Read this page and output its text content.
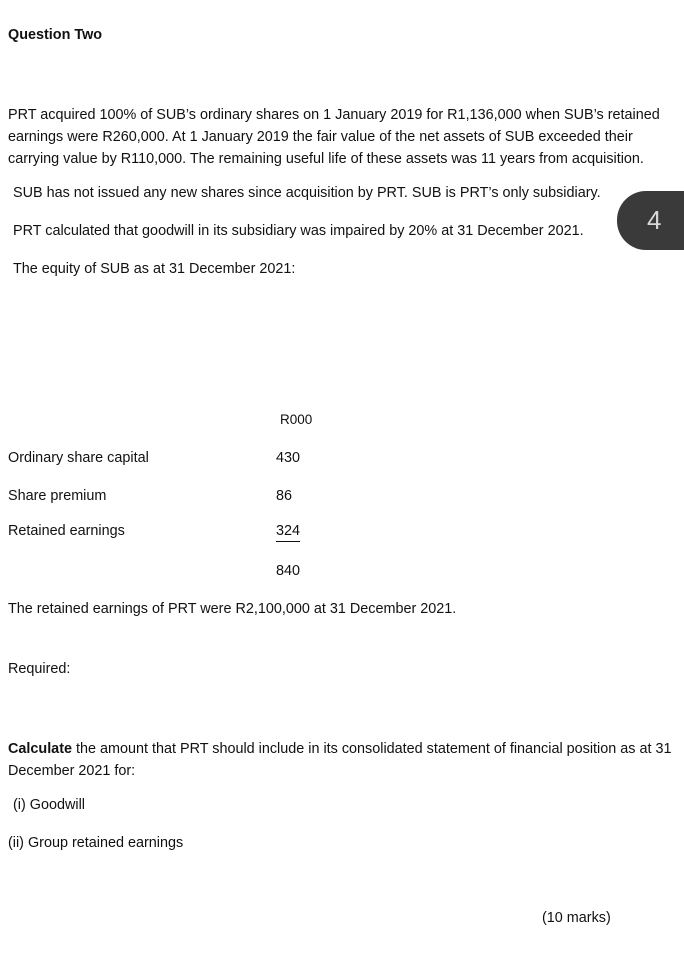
Question Two
PRT acquired 100% of SUB’s ordinary shares on 1 January 2019 for R1,136,000 when SUB’s retained earnings were R260,000. At 1 January 2019 the fair value of the net assets of SUB exceeded their carrying value by R110,000. The remaining useful life of these assets was 11 years from acquisition.
SUB has not issued any new shares since acquisition by PRT. SUB is PRT’s only subsidiary.
4
PRT calculated that goodwill in its subsidiary was impaired by 20% at 31 December 2021.
The equity of SUB as at 31 December 2021:
R000
Ordinary share capital	430
Share premium	86
Retained earnings	324
840
The retained earnings of PRT were R2,100,000 at 31 December 2021.
Required:
Calculate the amount that PRT should include in its consolidated statement of financial position as at 31 December 2021 for:
(i) Goodwill
(ii) Group retained earnings
(10 marks)
